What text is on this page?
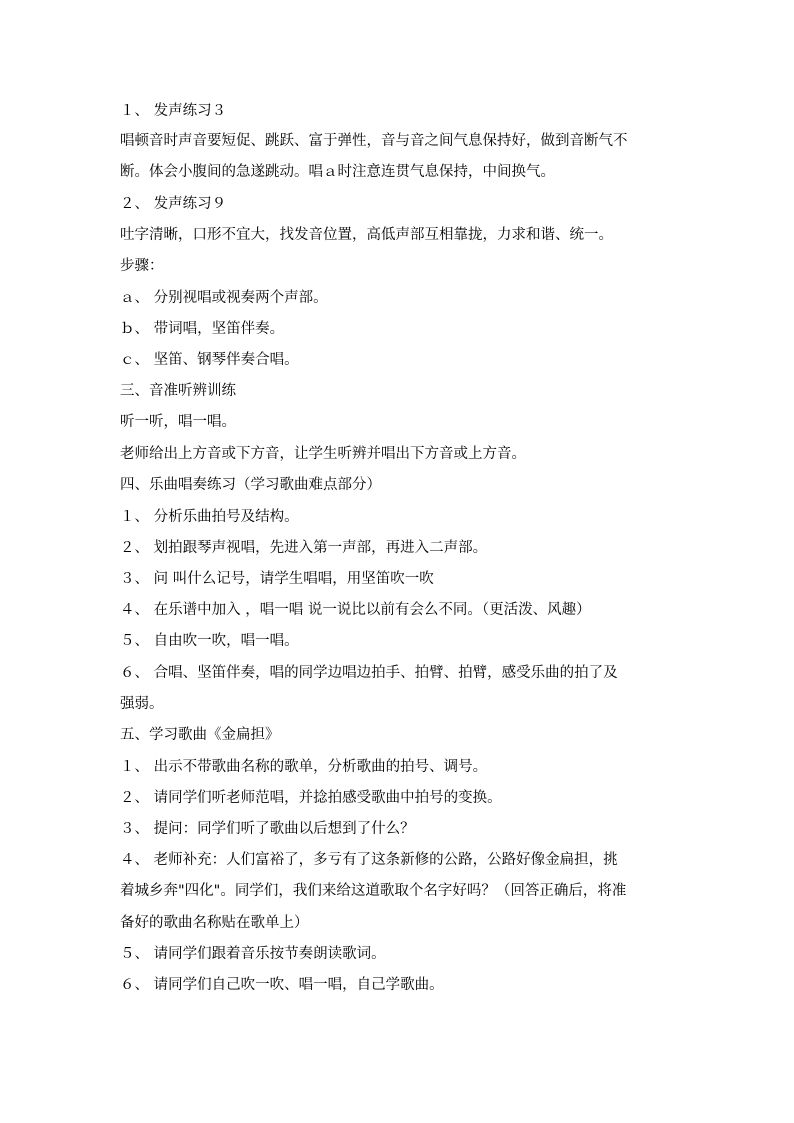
１、 发声练习３
唱顿音时声音要短促、跳跃、富于弹性，音与音之间气息保持好，做到音断气不
断。体会小腹间的急遂跳动。唱ａ时注意连贯气息保持，中间换气。
２、 发声练习９
吐字清晰，口形不宜大，找发音位置，高低声部互相靠拢，力求和谐、统一。
步骤：
ａ、 分别视唱或视奏两个声部。
ｂ、 带词唱，坚笛伴奏。
ｃ、 坚笛、钢琴伴奏合唱。
三、音准听辨训练
听一听，唱一唱。
老师给出上方音或下方音，让学生听辨并唱出下方音或上方音。
四、乐曲唱奏练习（学习歌曲难点部分）
１、 分析乐曲拍号及结构。
２、 划拍跟琴声视唱，先进入第一声部，再进入二声部。
３、 问 叫什么记号，请学生唱唱，用坚笛吹一吹
４、 在乐谱中加入 ，唱一唱 说一说比以前有会么不同。（更活泼、风趣）
５、 自由吹一吹，唱一唱。
６、 合唱、坚笛伴奏，唱的同学边唱边拍手、拍臂、拍臂，感受乐曲的拍了及
强弱。
五、学习歌曲《金扁担》
１、 出示不带歌曲名称的歌单，分析歌曲的拍号、调号。
２、 请同学们听老师范唱，并捻拍感受歌曲中拍号的变换。
３、 提问：同学们听了歌曲以后想到了什么？
４、 老师补充：人们富裕了，多亏有了这条新修的公路，公路好像金扁担，挑
着城乡奔"四化"。同学们，我们来给这道歌取个名字好吗？（回答正确后，将准
备好的歌曲名称贴在歌单上）
５、 请同学们跟着音乐按节奏朗读歌词。
６、 请同学们自己吹一吹、唱一唱，自己学歌曲。
